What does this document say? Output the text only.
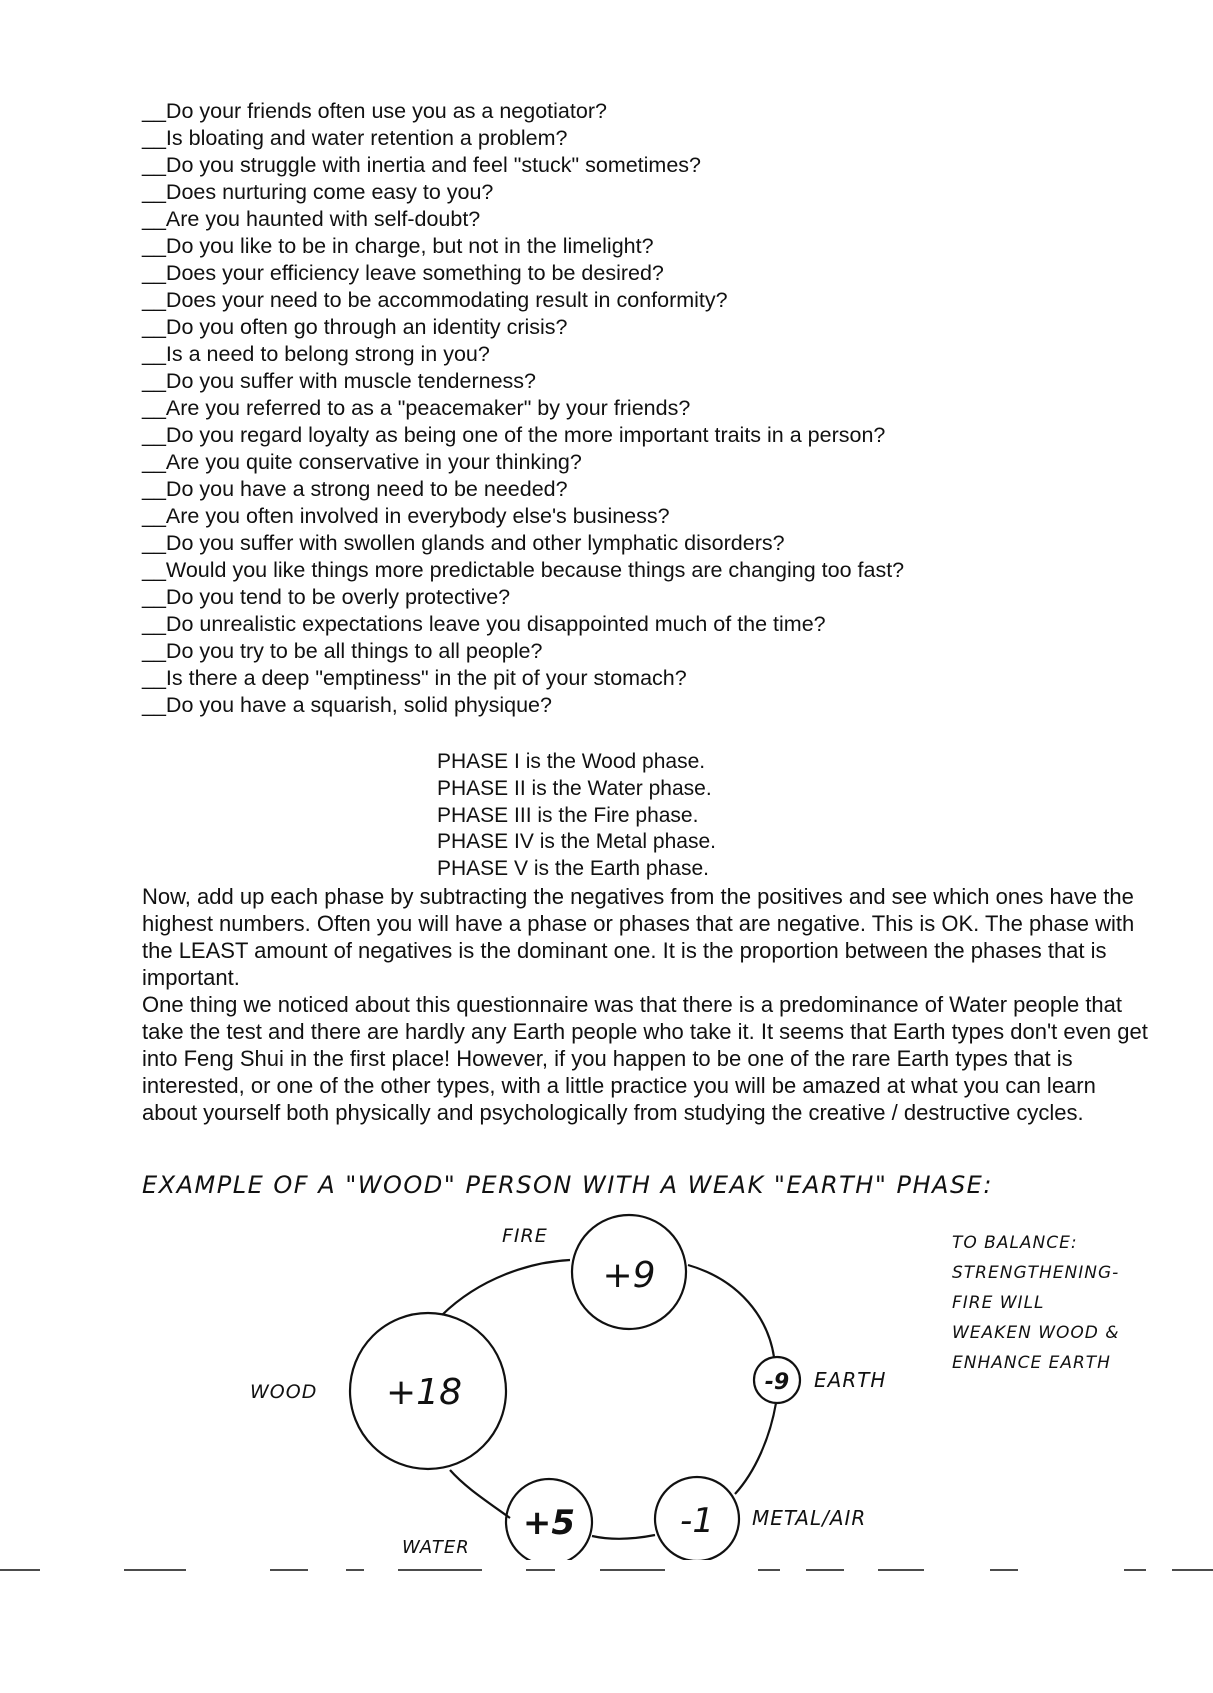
__Do your friends often use you as a negotiator?
__Is bloating and water retention a problem?
__Do you struggle with inertia and feel "stuck" sometimes?
__Does nurturing come easy to you?
__Are you haunted with self-doubt?
__Do you like to be in charge, but not in the limelight?
__Does your efficiency leave something to be desired?
__Does your need to be accommodating result in conformity?
__Do you often go through an identity crisis?
__Is a need to belong strong in you?
__Do you suffer with muscle tenderness?
__Are you referred to as a "peacemaker" by your friends?
__Do you regard loyalty as being one of the more important traits in a person?
__Are you quite conservative in your thinking?
__Do you have a strong need to be needed?
__Are you often involved in everybody else's business?
__Do you suffer with swollen glands and other lymphatic disorders?
__Would you like things more predictable because things are changing too fast?
__Do you tend to be overly protective?
__Do unrealistic expectations leave you disappointed much of the time?
__Do you try to be all things to all people?
__Is there a deep "emptiness" in the pit of your stomach?
__Do you have a squarish, solid physique?
PHASE I is the Wood phase.
PHASE II is the Water phase.
PHASE III is the Fire phase.
PHASE IV is the Metal phase.
PHASE V is the Earth phase.
Now, add up each phase by subtracting the negatives from the positives and see which ones have the highest numbers. Often you will have a phase or phases that are negative. This is OK. The phase with the LEAST amount of negatives is the dominant one. It is the proportion between the phases that is important.
One thing we noticed about this questionnaire was that there is a predominance of Water people that take the test and there are hardly any Earth people who take it. It seems that Earth types don't even get into Feng Shui in the first place! However, if you happen to be one of the rare Earth types that is interested, or one of the other types, with a little practice you will be amazed at what you can learn about yourself both physically and psychologically from studying the creative / destructive cycles.
EXAMPLE OF A "WOOD" PERSON WITH A WEAK "EARTH" PHASE:
+9
+18	-9
-1
+5
FIRE
WOOD	EARTH
METAL/AIR
WATER
TO BALANCE:
STRENGTHENING-
FIRE WILL
WEAKEN WOOD &
ENHANCE EARTH
